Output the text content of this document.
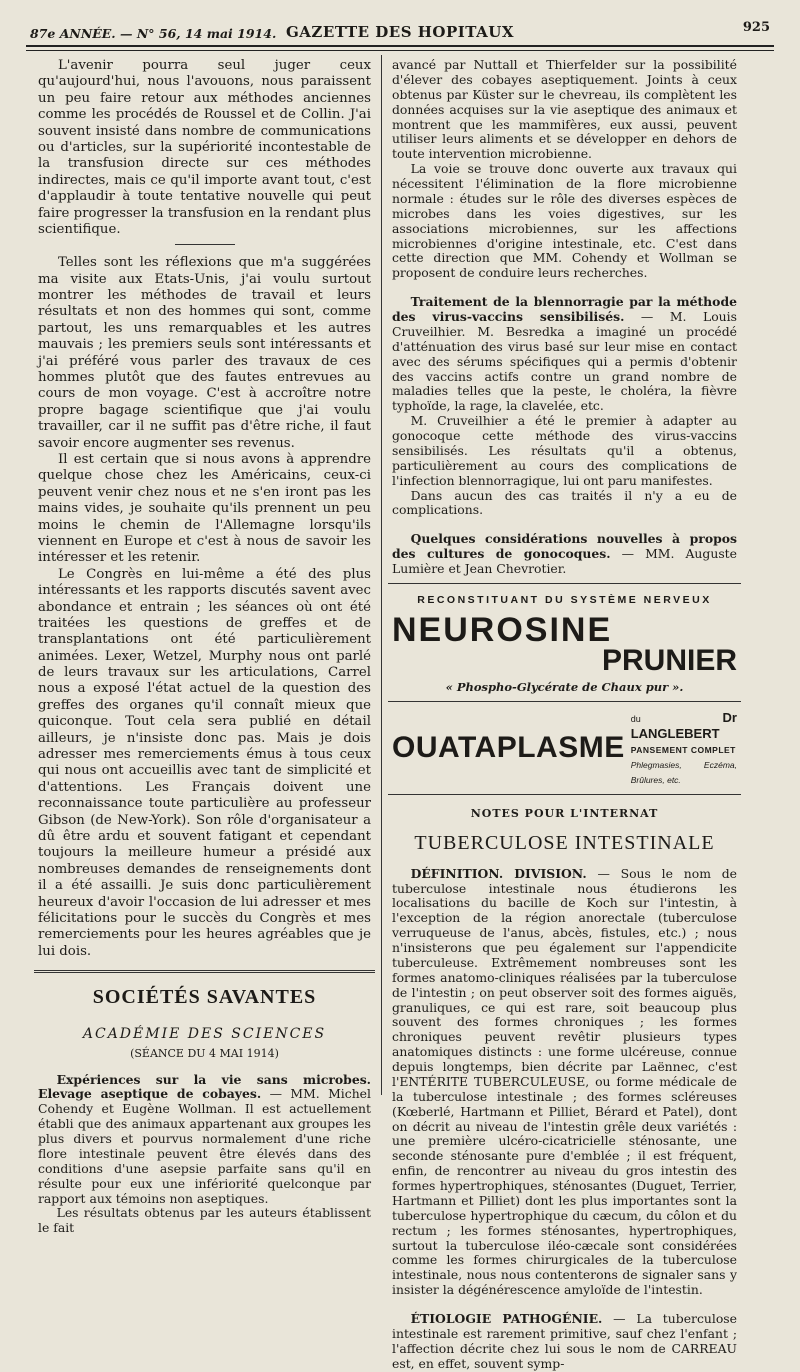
87e ANNÉE. — N° 56, 14 mai 1914. GAZETTE DES HOPITAUX	925

L'avenir pourra seul juger ceux qu'aujourd'hui, nous l'avouons, nous paraissent un peu faire retour aux méthodes anciennes comme les procédés de Roussel et de Collin. J'ai souvent insisté dans nombre de communications ou d'articles, sur la supériorité incontestable de la transfusion directe sur ces méthodes indirectes, mais ce qu'il importe avant tout, c'est d'applaudir à toute tentative nouvelle qui peut faire progresser la transfusion en la rendant plus scientifique.

Telles sont les réflexions que m'a suggérées ma visite aux Etats-Unis, j'ai voulu surtout montrer les méthodes de travail et leurs résultats et non des hommes qui sont, comme partout, les uns remarquables et les autres mauvais ; les premiers seuls sont intéressants et j'ai préféré vous parler des travaux de ces hommes plutôt que des fautes entrevues au cours de mon voyage. C'est à accroître notre propre bagage scientifique que j'ai voulu travailler, car il ne suffit pas d'être riche, il faut savoir encore augmenter ses revenus.

Il est certain que si nous avons à apprendre quelque chose chez les Américains, ceux-ci peuvent venir chez nous et ne s'en iront pas les mains vides, je souhaite qu'ils prennent un peu moins le chemin de l'Allemagne lorsqu'ils viennent en Europe et c'est à nous de savoir les intéresser et les retenir.

Le Congrès en lui-même a été des plus intéressants et les rapports discutés savent avec abondance et entrain ; les séances où ont été traitées les questions de greffes et de transplantations ont été particulièrement animées. Lexer, Wetzel, Murphy nous ont parlé de leurs travaux sur les articulations, Carrel nous a exposé l'état actuel de la question des greffes des organes qu'il connaît mieux que quiconque. Tout cela sera publié en détail ailleurs, je n'insiste donc pas. Mais je dois adresser mes remerciements émus à tous ceux qui nous ont accueillis avec tant de simplicité et d'attentions. Les Français doivent une reconnaissance toute particulière au professeur Gibson (de New-York). Son rôle d'organisateur a dû être ardu et souvent fatigant et cependant toujours la meilleure humeur a présidé aux nombreuses demandes de renseignements dont il a été assailli. Je suis donc particulièrement heureux d'avoir l'occasion de lui adresser et mes félicitations pour le succès du Congrès et mes remerciements pour les heures agréables que je lui dois.

SOCIÉTÉS SAVANTES
ACADÉMIE DES SCIENCES
(SÉANCE DU 4 MAI 1914)

Expériences sur la vie sans microbes. Elevage aseptique de cobayes. — MM. Michel Cohendy et Eugène Wollman. Il est actuellement établi que des animaux appartenant aux groupes les plus divers et pourvus normalement d'une riche flore intestinale peuvent être élevés dans des conditions d'une asepsie parfaite sans qu'il en résulte pour eux une infériorité quelconque par rapport aux témoins non aseptiques.

Les résultats obtenus par les auteurs établissent le fait

avancé par Nuttall et Thierfelder sur la possibilité d'élever des cobayes aseptiquement. Joints à ceux obtenus par Küster sur le chevreau, ils complètent les données acquises sur la vie aseptique des animaux et montrent que les mammifères, eux aussi, peuvent utiliser leurs aliments et se développer en dehors de toute intervention microbienne.

La voie se trouve donc ouverte aux travaux qui nécessitent l'élimination de la flore microbienne normale : études sur le rôle des diverses espèces de microbes dans les voies digestives, sur les associations microbiennes, sur les affections microbiennes d'origine intestinale, etc. C'est dans cette direction que MM. Cohendy et Wollman se proposent de conduire leurs recherches.

Traitement de la blennorragie par la méthode des virus-vaccins sensibilisés. — M. Louis Cruveilhier. M. Besredka a imaginé un procédé d'atténuation des virus basé sur leur mise en contact avec des sérums spécifiques qui a permis d'obtenir des vaccins actifs contre un grand nombre de maladies telles que la peste, le choléra, la fièvre typhoïde, la rage, la clavelée, etc.

M. Cruveilhier a été le premier à adapter au gonocoque cette méthode des virus-vaccins sensibilisés. Les résultats qu'il a obtenus, particulièrement au cours des complications de l'infection blennorragique, lui ont paru manifestes.

Dans aucun des cas traités il n'y a eu de complications.

Quelques considérations nouvelles à propos des cultures de gonocoques. — MM. Auguste Lumière et Jean Chevrotier.

RECONSTITUANT DU SYSTÈME NERVEUX
NEUROSINE
PRUNIER
« Phospho-Glycérate de Chaux pur ».
OUATAPLASME
du	Dr LANGLEBERT
PANSEMENT COMPLET
Phlegmasies, Eczéma, Brûlures, etc.
NOTES POUR L'INTERNAT
TUBERCULOSE INTESTINALE

DÉFINITION. DIVISION. — Sous le nom de tuberculose intestinale nous étudierons les localisations du bacille de Koch sur l'intestin, à l'exception de la région anorectale (tuberculose verruqueuse de l'anus, abcès, fistules, etc.) ; nous n'insisterons que peu également sur l'appendicite tuberculeuse. Extrêmement nombreuses sont les formes anatomo-cliniques réalisées par la tuberculose de l'intestin ; on peut observer soit des formes aiguës, granuliques, ce qui est rare, soit beaucoup plus souvent des formes chroniques ; les formes chroniques peuvent revêtir plusieurs types anatomiques distincts : une forme ulcéreuse, connue depuis longtemps, bien décrite par Laënnec, c'est l'ENTÉRITE TUBERCULEUSE, ou forme médicale de la tuberculose intestinale ; des formes scléreuses (Kœberlé, Hartmann et Pilliet, Bérard et Patel), dont on décrit au niveau de l'intestin grêle deux variétés : une première ulcéro-cicatricielle sténosante, une seconde sténosante pure d'emblée ; il est fréquent, enfin, de rencontrer au niveau du gros intestin des formes hypertrophiques, sténosantes (Duguet, Terrier, Hartmann et Pilliet) dont les plus importantes sont la tuberculose hypertrophique du cæcum, du côlon et du rectum ; les formes sténosantes, hypertrophiques, surtout la tuberculose iléo-cæcale sont considérées comme les formes chirurgicales de la tuberculose intestinale, nous nous contenterons de signaler sans y insister la dégénérescence amyloïde de l'intestin.

ÉTIOLOGIE PATHOGÉNIE. — La tuberculose intestinale est rarement primitive, sauf chez l'enfant ; l'affection décrite chez lui sous le nom de CARREAU est, en effet, souvent symp-
